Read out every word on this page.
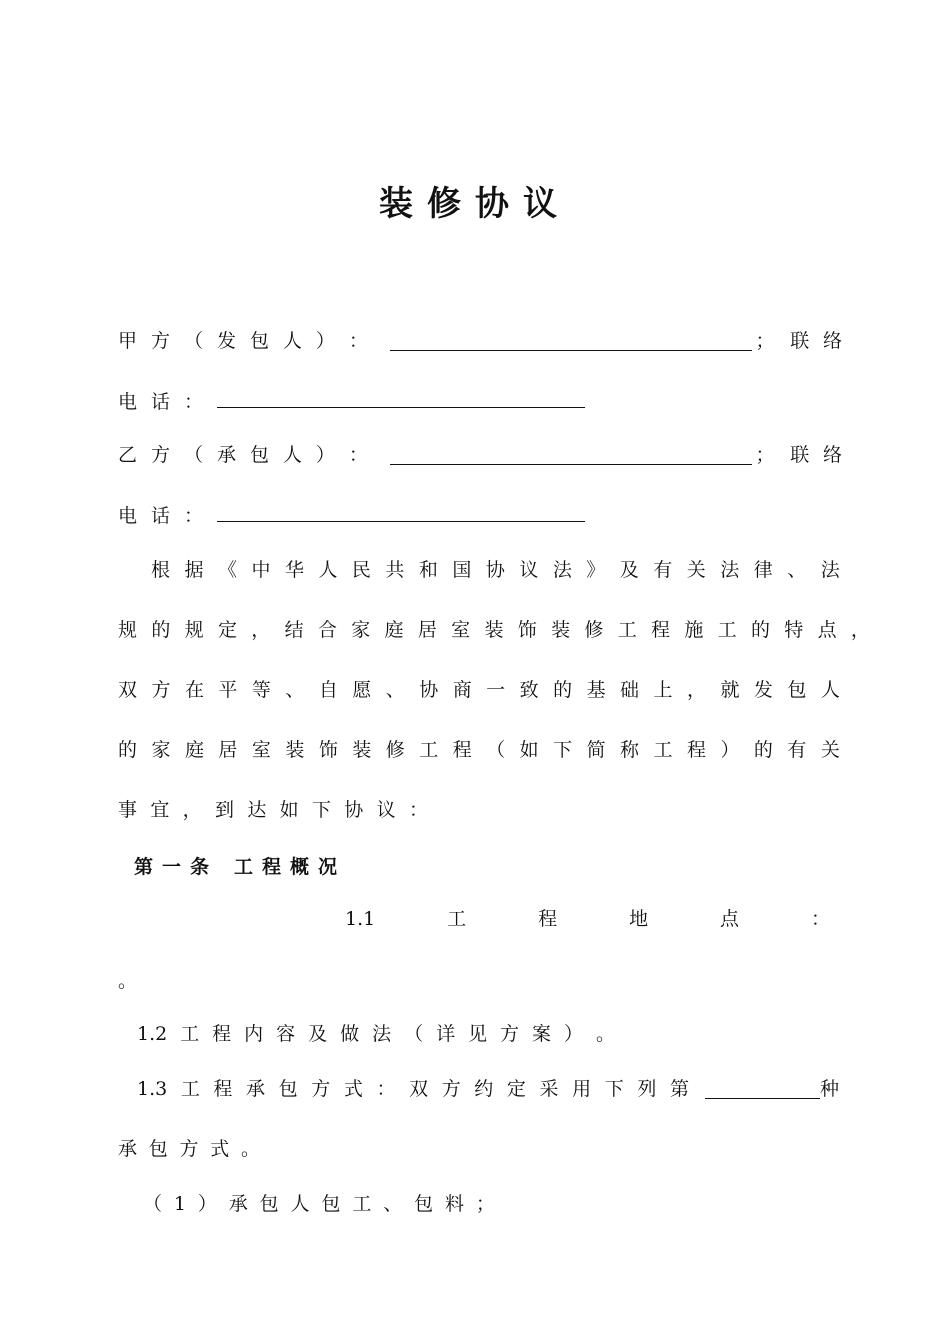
装修协议
甲 方 （ 发 包 人 ） ：	； 联 络
电 话 ：
乙 方 （ 承 包 人 ） ：	； 联 络
电 话 ：
根 据 《 中 华 人 民 共 和 国 协 议 法 》 及 有 关 法 律 、 法
规 的 规 定 ， 结 合 家 庭 居 室 装 饰 装 修 工 程 施 工 的 特 点 ，
双 方 在 平 等 、 自 愿 、 协 商 一 致 的 基 础 上 ， 就 发 包 人
的 家 庭 居 室 装 饰 装 修 工 程 （ 如 下 简 称 工 程 ） 的 有 关
事 宜 ， 到 达 如 下 协 议 ：
第一条 工程概况
1.1	工	程	地	点	：
。
1.2 工 程 内 容 及 做 法 （ 详 见 方 案 ） 。
1.3 工 程 承 包 方 式 ： 双 方 约 定 采 用 下 列 第	种
承 包 方 式 。
（ 1 ） 承 包 人 包 工 、 包 料 ；
